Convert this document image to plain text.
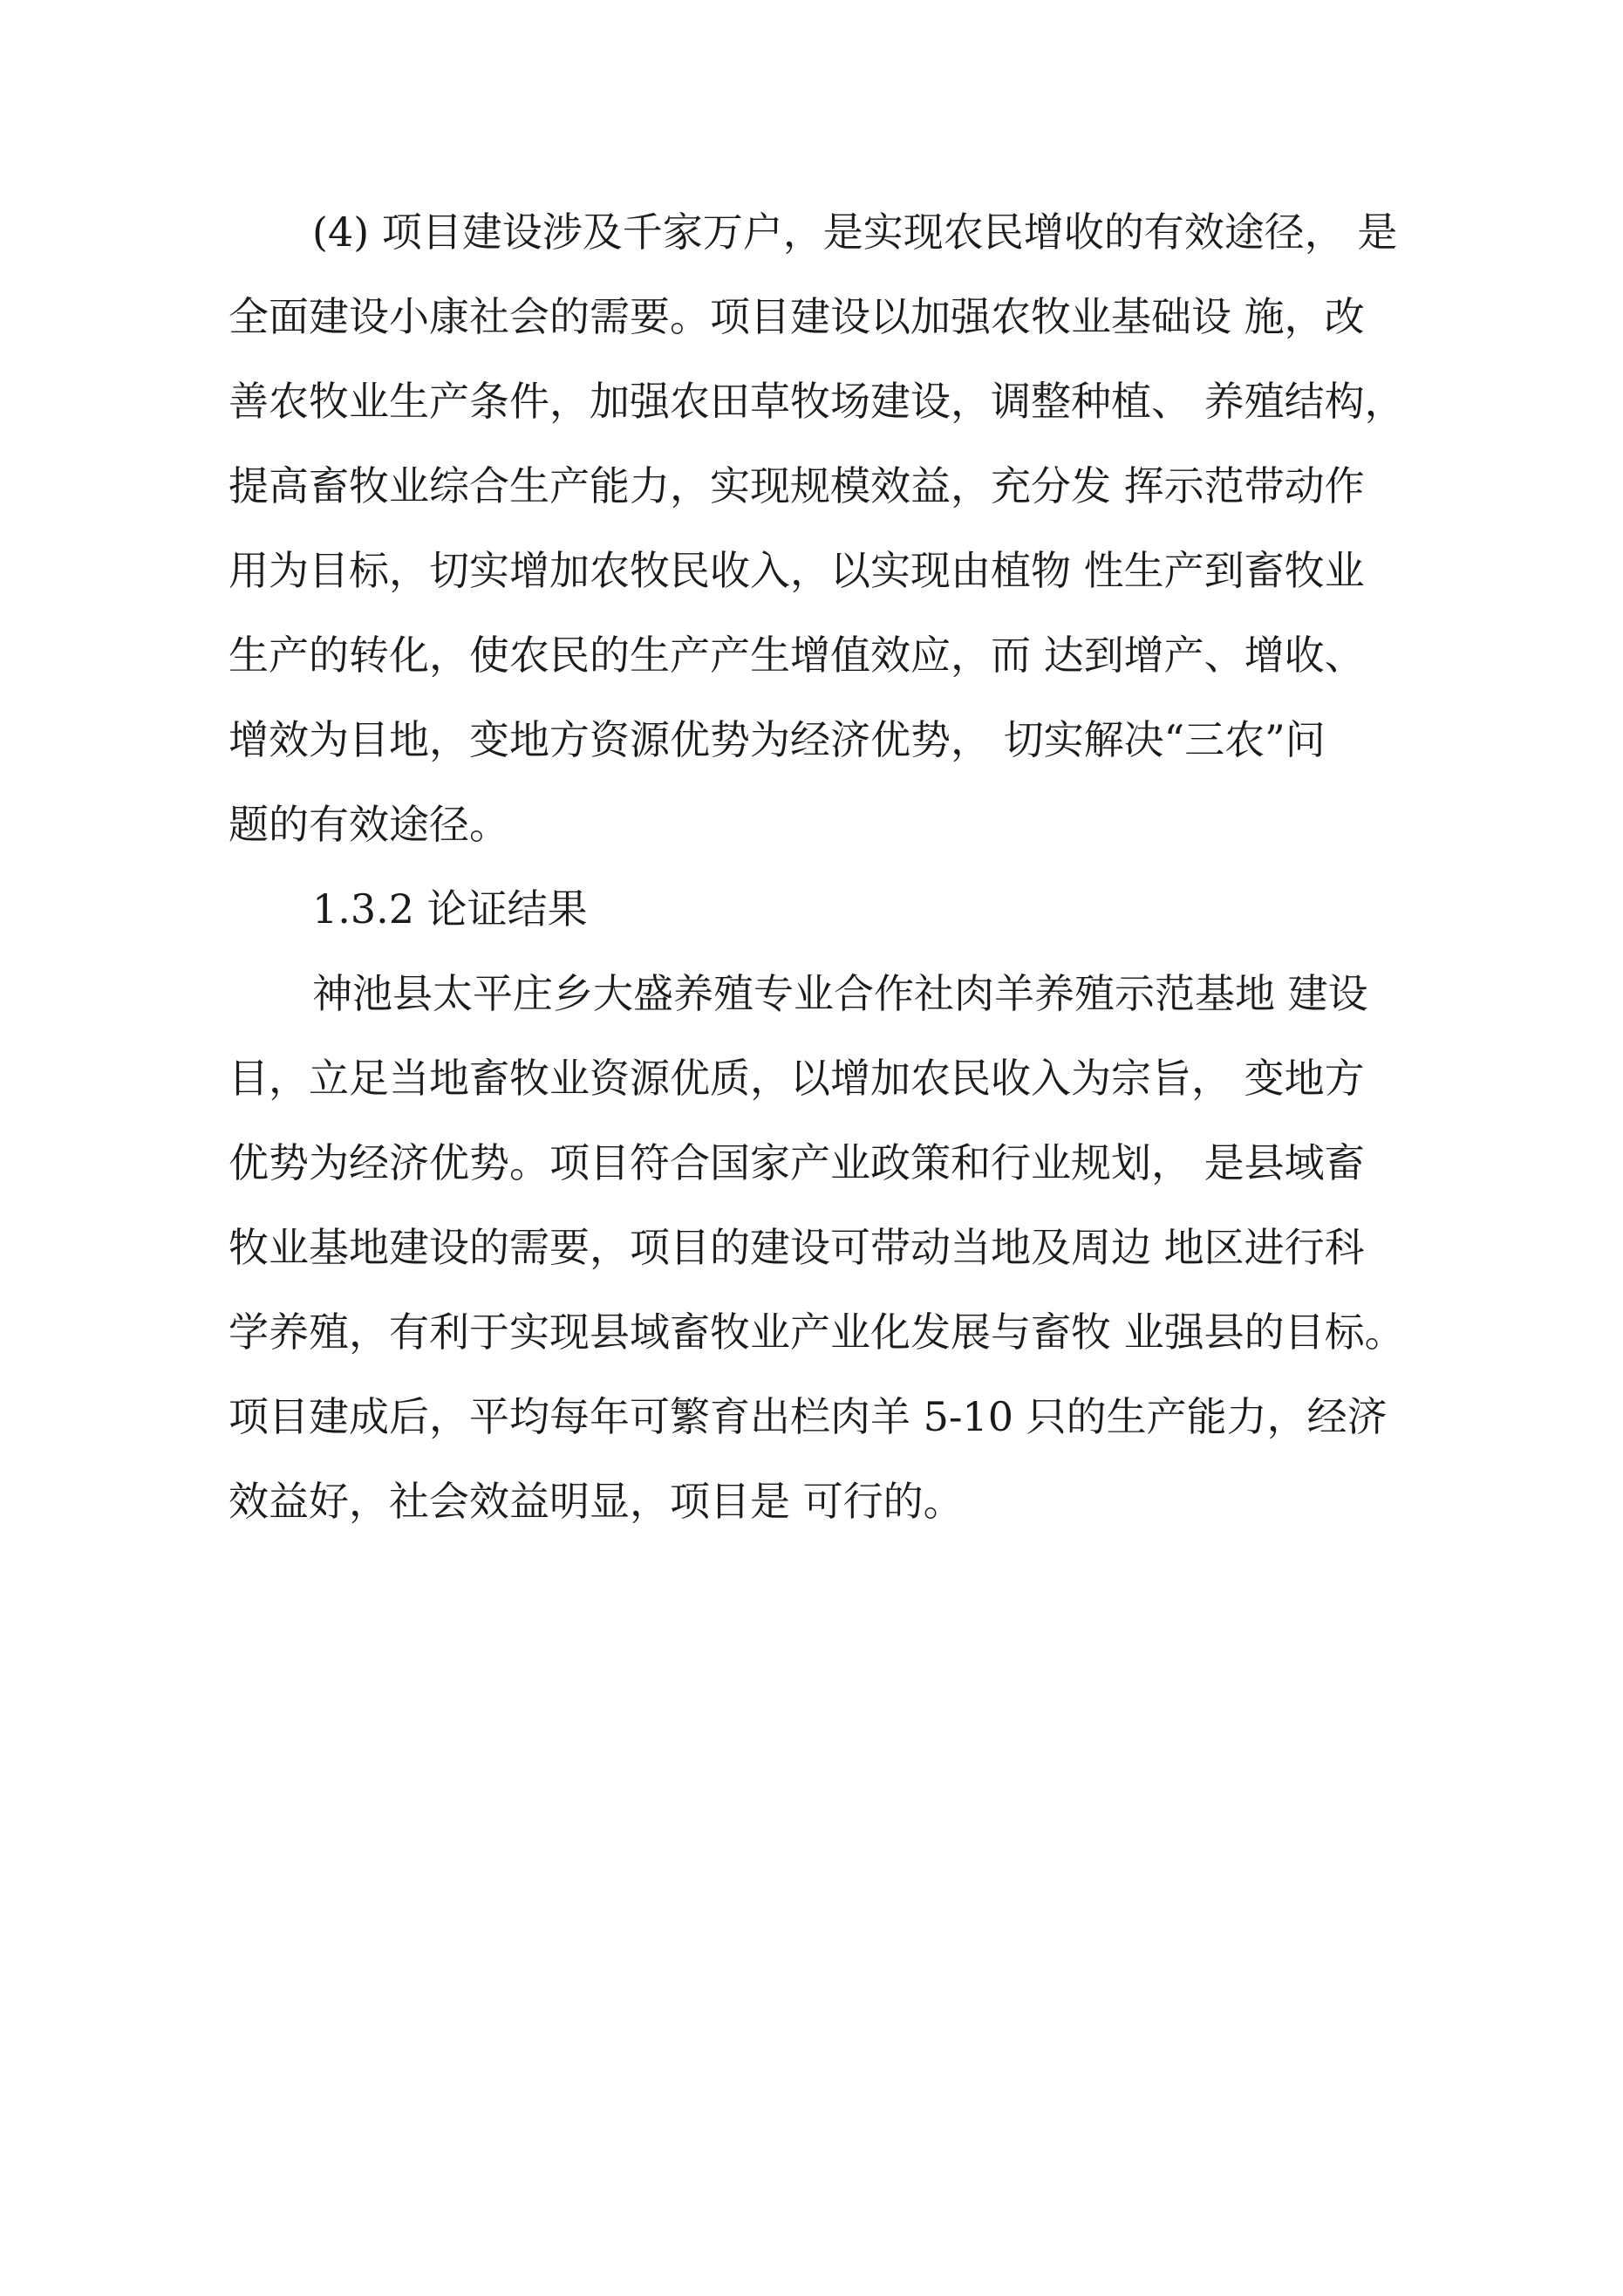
(4) 项目建设涉及千家万户，是实现农民增收的有效途径， 是
全面建设小康社会的需要。项目建设以加强农牧业基础设 施，改
善农牧业生产条件，加强农田草牧场建设，调整种植、 养殖结构，
提高畜牧业综合生产能力，实现规模效益，充分发 挥示范带动作
用为目标，切实增加农牧民收入，以实现由植物 性生产到畜牧业
生产的转化，使农民的生产产生增值效应，而 达到增产、增收、
增效为目地，变地方资源优势为经济优势， 切实解决“三农”问
题的有效途径。
1.3.2 论证结果
神池县太平庄乡大盛养殖专业合作社肉羊养殖示范基地 建设
目，立足当地畜牧业资源优质，以增加农民收入为宗旨， 变地方
优势为经济优势。项目符合国家产业政策和行业规划， 是县域畜
牧业基地建设的需要，项目的建设可带动当地及周边 地区进行科
学养殖，有利于实现县域畜牧业产业化发展与畜牧 业强县的目标。
项目建成后，平均每年可繁育出栏肉羊 5-10 只的生产能力，经济
效益好，社会效益明显，项目是 可行的。
